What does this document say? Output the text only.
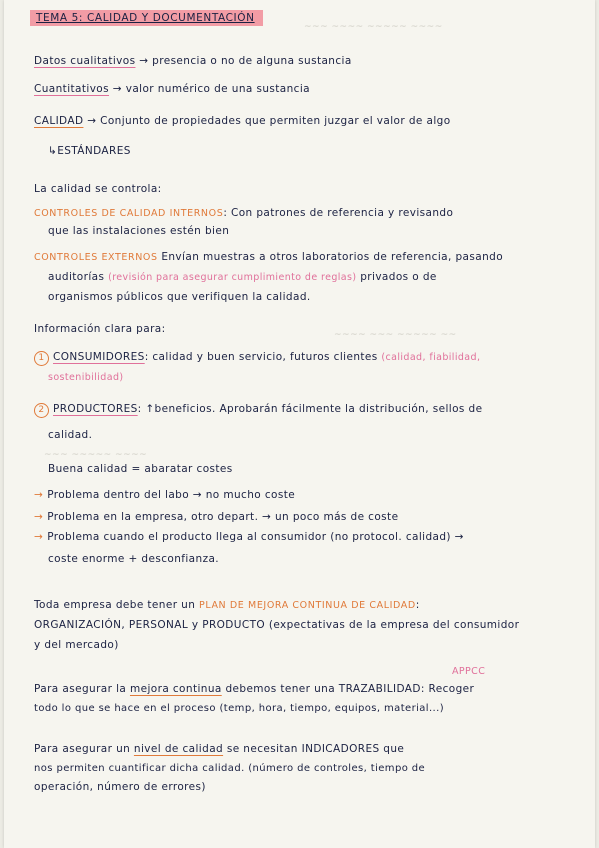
~~~ ~~~~ ~~~~~ ~~~~
~~~~ ~~~ ~~~~~ ~~
~~~ ~~~~~ ~~~~
TEMA 5: CALIDAD Y DOCUMENTACIÓN
Datos cualitativos → presencia o no de alguna sustancia
Cuantitativos → valor numérico de una sustancia
CALIDAD → Conjunto de propiedades que permiten juzgar el valor de algo
↳ESTÁNDARES
La calidad se controla:
CONTROLES DE CALIDAD INTERNOS: Con patrones de referencia y revisando
que las instalaciones estén bien
CONTROLES EXTERNOS Envían muestras a otros laboratorios de referencia, pasando
auditorías (revisión para asegurar cumplimiento de reglas) privados o de
organismos públicos que verifiquen la calidad.
Información clara para:
1 CONSUMIDORES: calidad y buen servicio, futuros clientes (calidad, fiabilidad,
sostenibilidad)
2 PRODUCTORES: ↑beneficios. Aprobarán fácilmente la distribución, sellos de
calidad.
Buena calidad = abaratar costes
→ Problema dentro del labo → no mucho coste
→ Problema en la empresa, otro depart. → un poco más de coste
→ Problema cuando el producto llega al consumidor (no protocol. calidad) →
coste enorme + desconfianza.
Toda empresa debe tener un PLAN DE MEJORA CONTINUA DE CALIDAD:
ORGANIZACIÓN, PERSONAL y PRODUCTO (expectativas de la empresa del consumidor
y del mercado)
APPCC
Para asegurar la mejora continua debemos tener una TRAZABILIDAD: Recoger
todo lo que se hace en el proceso (temp, hora, tiempo, equipos, material...)
Para asegurar un nivel de calidad se necesitan INDICADORES que
nos permiten cuantificar dicha calidad. (número de controles, tiempo de
operación, número de errores)
